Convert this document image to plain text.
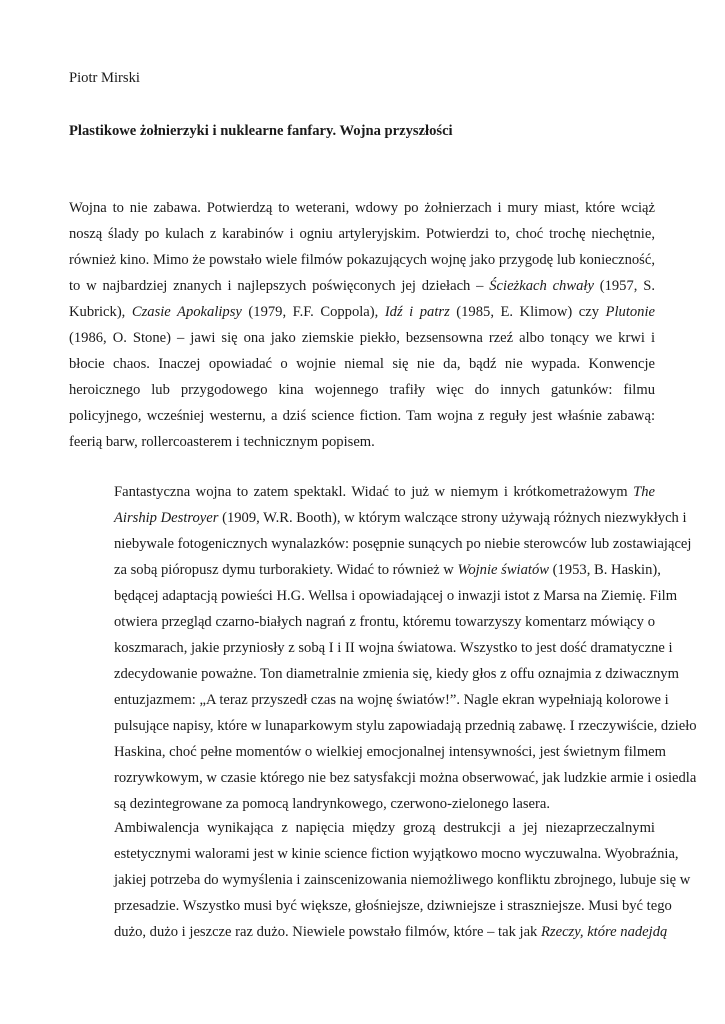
Piotr Mirski
Plastikowe żołnierzyki i nuklearne fanfary. Wojna przyszłości

Wojna to nie zabawa. Potwierdzą to weterani, wdowy po żołnierzach i mury miast, które wciąż
noszą ślady po kulach z karabinów i ogniu artyleryjskim. Potwierdzi to, choć trochę niechętnie,
również kino. Mimo że powstało wiele filmów pokazujących wojnę jako przygodę lub konieczność,
to w najbardziej znanych i najlepszych poświęconych jej dziełach – Ścieżkach chwały (1957, S.
Kubrick), Czasie Apokalipsy (1979, F.F. Coppola), Idź i patrz (1985, E. Klimow) czy Plutonie
(1986, O. Stone) – jawi się ona jako ziemskie piekło, bezsensowna rzeź albo tonący we krwi i
błocie chaos. Inaczej opowiadać o wojnie niemal się nie da, bądź nie wypada. Konwencje
heroicznego lub przygodowego kina wojennego trafiły więc do innych gatunków: filmu
policyjnego, wcześniej westernu, a dziś science fiction. Tam wojna z reguły jest właśnie zabawą:
feerią barw, rollercoasterem i technicznym popisem.

Fantastyczna wojna to zatem spektakl. Widać to już w niemym i krótkometrażowym The
Airship Destroyer (1909, W.R. Booth), w którym walczące strony używają różnych niezwykłych i
niebywale fotogenicznych wynalazków: posępnie sunących po niebie sterowców lub zostawiającej
za sobą pióropusz dymu turborakiety. Widać to również w Wojnie światów (1953, B. Haskin),
będącej adaptacją powieści H.G. Wellsa i opowiadającej o inwazji istot z Marsa na Ziemię. Film
otwiera przegląd czarno-białych nagrań z frontu, któremu towarzyszy komentarz mówiący o
koszmarach, jakie przyniosły z sobą I i II wojna światowa. Wszystko to jest dość dramatyczne i
zdecydowanie poważne. Ton diametralnie zmienia się, kiedy głos z offu oznajmia z dziwacznym
entuzjazmem: „A teraz przyszedł czas na wojnę światów!”. Nagle ekran wypełniają kolorowe i
pulsujące napisy, które w lunaparkowym stylu zapowiadają przednią zabawę. I rzeczywiście, dzieło
Haskina, choć pełne momentów o wielkiej emocjonalnej intensywności, jest świetnym filmem
rozrywkowym, w czasie którego nie bez satysfakcji można obserwować, jak ludzkie armie i osiedla
są dezintegrowane za pomocą landrynkowego, czerwono-zielonego lasera.

Ambiwalencja wynikająca z napięcia między grozą destrukcji a jej niezaprzeczalnymi
estetycznymi walorami jest w kinie science fiction wyjątkowo mocno wyczuwalna. Wyobraźnia,
jakiej potrzeba do wymyślenia i zainscenizowania niemożliwego konfliktu zbrojnego, lubuje się w
przesadzie. Wszystko musi być większe, głośniejsze, dziwniejsze i straszniejsze. Musi być tego
dużo, dużo i jeszcze raz dużo. Niewiele powstało filmów, które – tak jak Rzeczy, które nadejdą
